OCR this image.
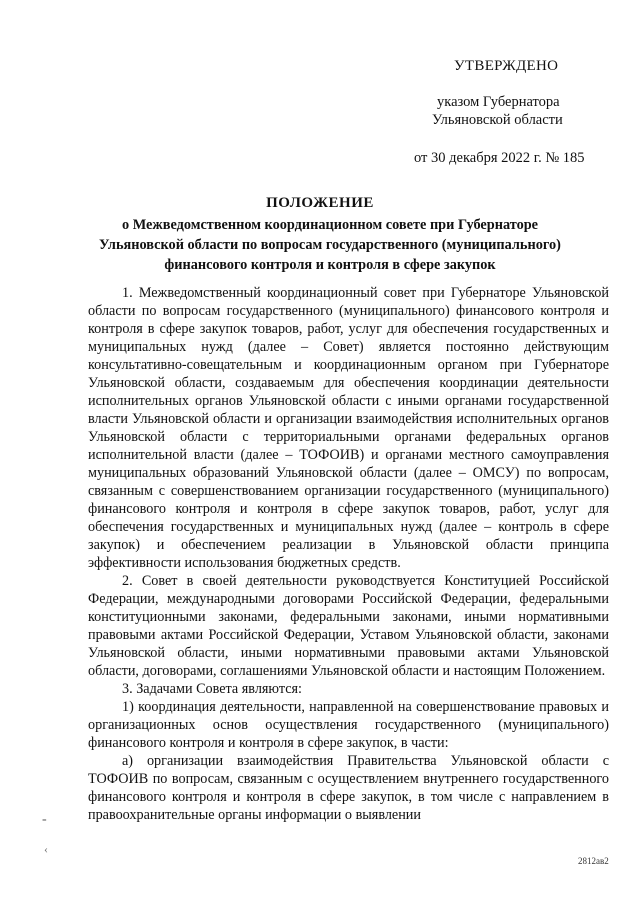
УТВЕРЖДЕНО
указом Губернатора
Ульяновской области
от 30 декабря 2022 г. № 185
ПОЛОЖЕНИЕ
о Межведомственном координационном совете при Губернаторе Ульяновской области по вопросам государственного (муниципального) финансового контроля и контроля в сфере закупок

1. Межведомственный координационный совет при Губернаторе Ульяновской области по вопросам государственного (муниципального) финансового контроля и контроля в сфере закупок товаров, работ, услуг для обеспечения государственных и муниципальных нужд (далее – Совет) является постоянно действующим консультативно-совещательным и координационным органом при Губернаторе Ульяновской области, создаваемым для обеспечения координации деятельности исполнительных органов Ульяновской области с иными органами государственной власти Ульяновской области и организации взаимодействия исполнительных органов Ульяновской области с территориальными органами федеральных органов исполнительной власти (далее – ТОФОИВ) и органами местного самоуправления муниципальных образований Ульяновской области (далее – ОМСУ) по вопросам, связанным с совершенствованием организации государственного (муниципального) финансового контроля и контроля в сфере закупок товаров, работ, услуг для обеспечения государственных и муниципальных нужд (далее – контроль в сфере закупок) и обеспечением реализации в Ульяновской области принципа эффективности использования бюджетных средств.

2. Совет в своей деятельности руководствуется Конституцией Российской Федерации, международными договорами Российской Федерации, федеральными конституционными законами, федеральными законами, иными нормативными правовыми актами Российской Федерации, Уставом Ульяновской области, законами Ульяновской области, иными нормативными правовыми актами Ульяновской области, договорами, соглашениями Ульяновской области и настоящим Положением.

3. Задачами Совета являются:

1) координация деятельности, направленной на совершенствование правовых и организационных основ осуществления государственного (муниципального) финансового контроля и контроля в сфере закупок, в части:

а) организации взаимодействия Правительства Ульяновской области с ТОФОИВ по вопросам, связанным с осуществлением внутреннего государственного финансового контроля и контроля в сфере закупок, в том числе с направлением в правоохранительные органы информации о выявлении

-
‹
2812ав2
